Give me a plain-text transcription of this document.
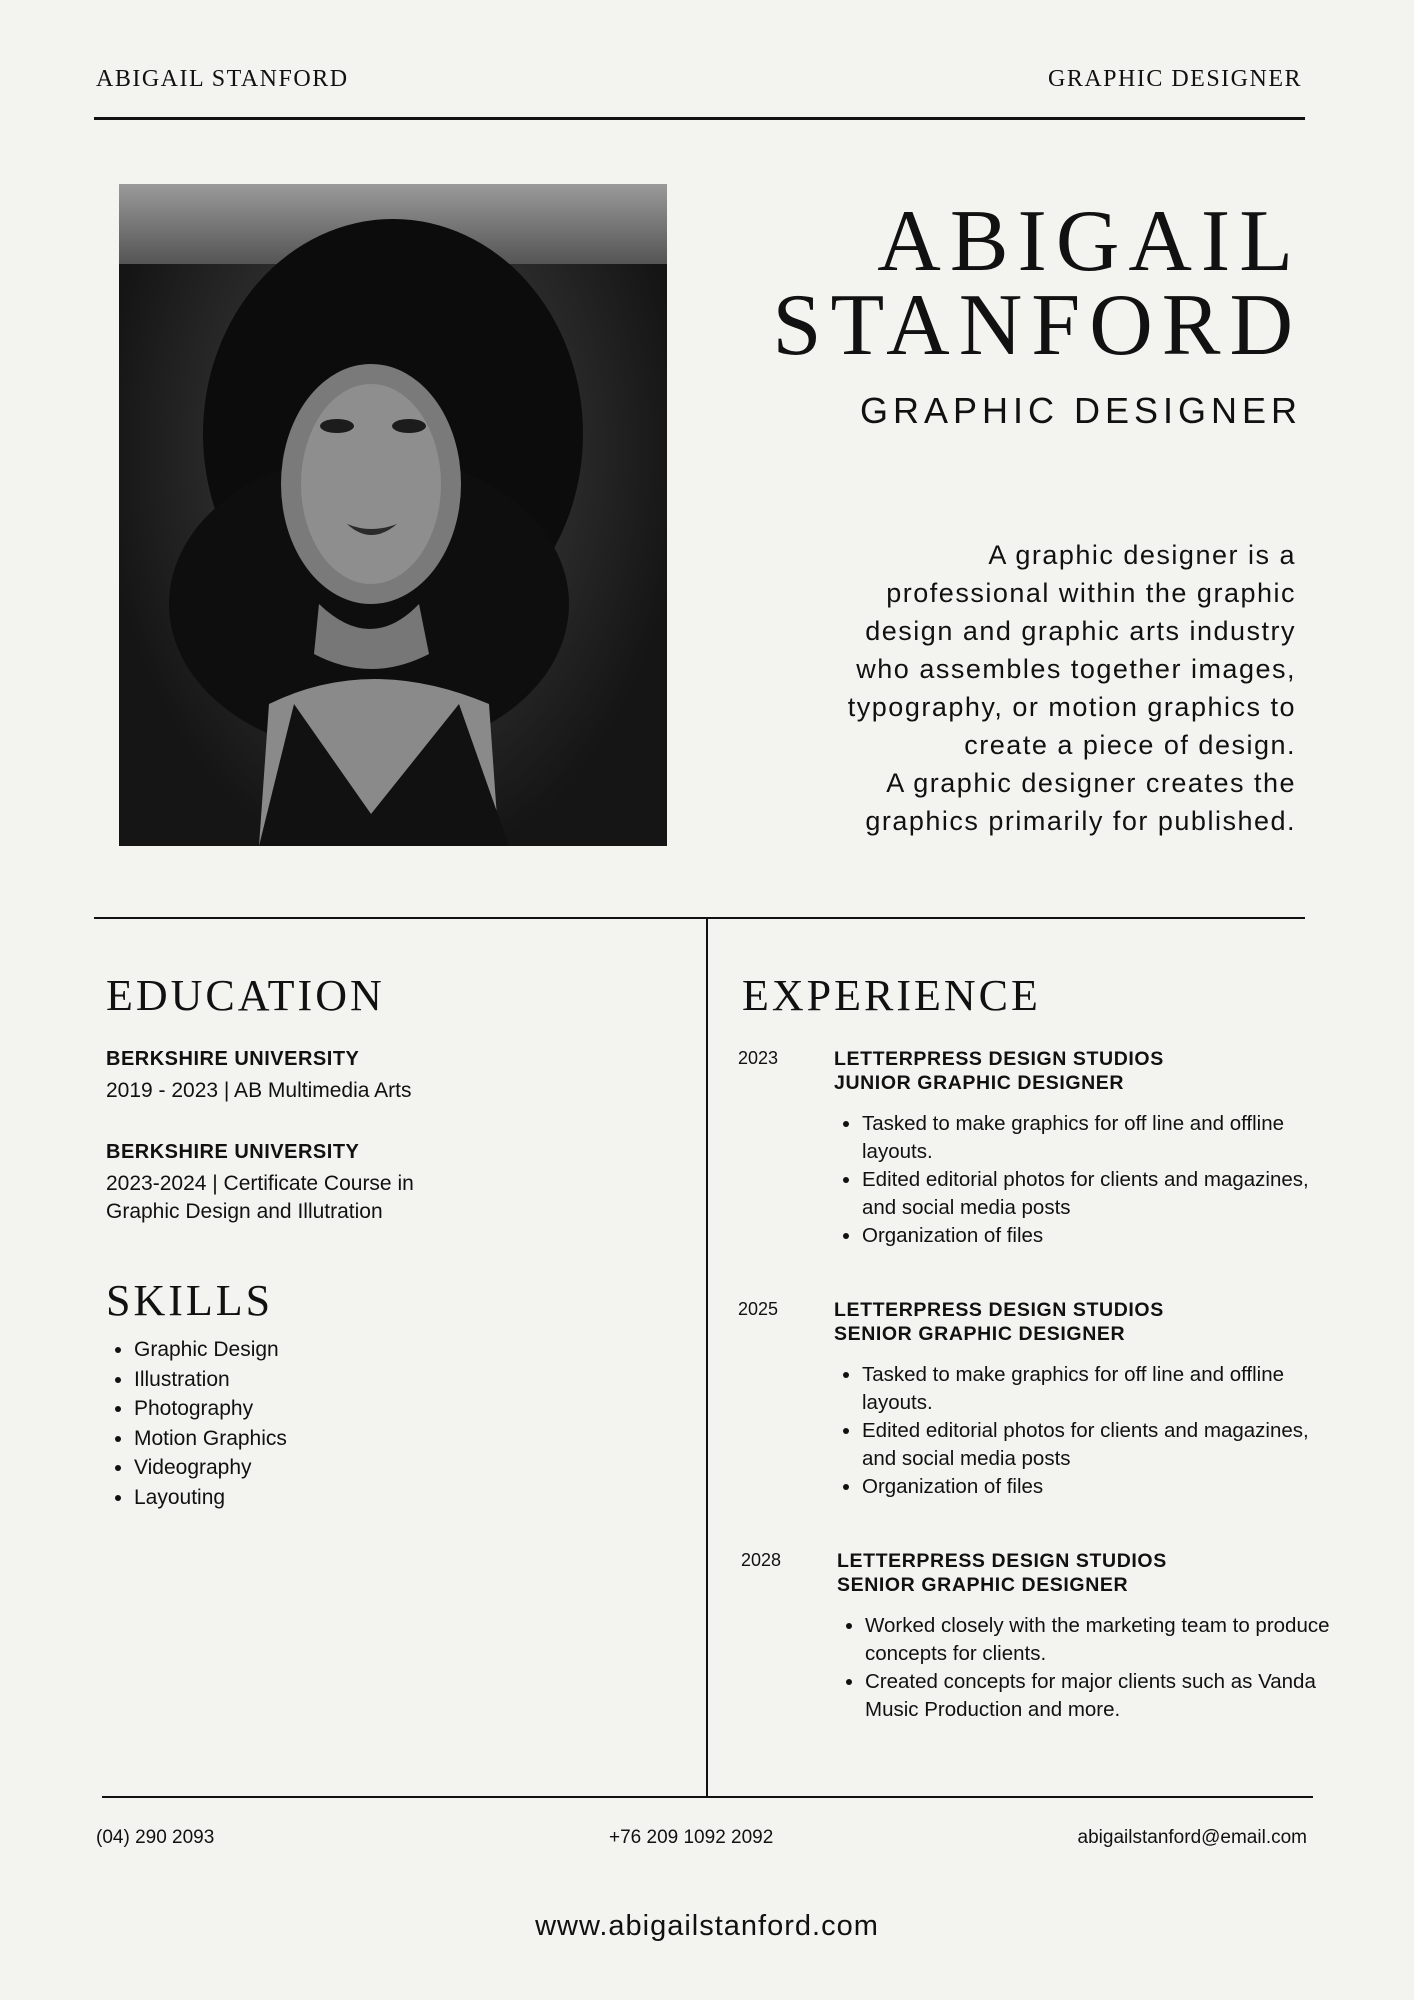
ABIGAIL STANFORD	GRAPHIC DESIGNER
ABIGAIL
STANFORD
GRAPHIC DESIGNER
A graphic designer is a
professional within the graphic
design and graphic arts industry
who assembles together images,
typography, or motion graphics to
create a piece of design.
A graphic designer creates the
graphics primarily for published.
EDUCATION
BERKSHIRE UNIVERSITY
2019 - 2023 | AB Multimedia Arts
BERKSHIRE UNIVERSITY
2023-2024 | Certificate Course in
Graphic Design and Illutration
SKILLS
• Graphic Design
• Illustration
• Photography
• Motion Graphics
• Videography
• Layouting
EXPERIENCE
2023	LETTERPRESS DESIGN STUDIOS
JUNIOR GRAPHIC DESIGNER
• Tasked to make graphics for off line and offline layouts.
• Edited editorial photos for clients and magazines, and social media posts
• Organization of files
2025	LETTERPRESS DESIGN STUDIOS
SENIOR GRAPHIC DESIGNER
• Tasked to make graphics for off line and offline layouts.
• Edited editorial photos for clients and magazines, and social media posts
• Organization of files
2028	LETTERPRESS DESIGN STUDIOS
SENIOR GRAPHIC DESIGNER
• Worked closely with the marketing team to produce concepts for clients.
• Created concepts for major clients such as Vanda Music Production and more.
(04) 290 2093	+76 209 1092 2092	abigailstanford@email.com
www.abigailstanford.com
